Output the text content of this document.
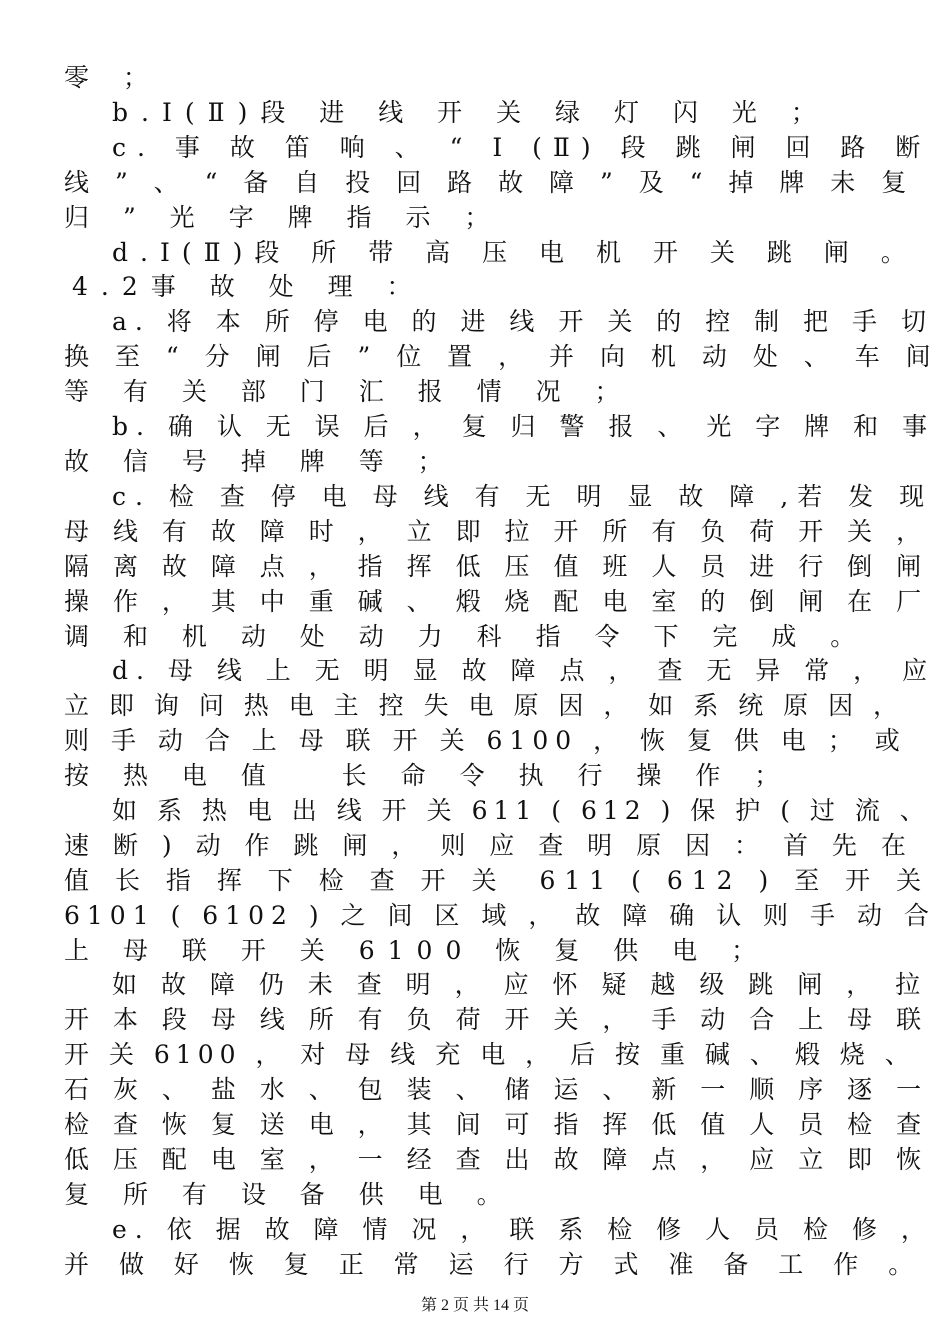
零 ；
b.Ⅰ(Ⅱ)段 进 线 开 关 绿 灯 闪 光 ；
c. 事 故 笛 响 、 “ Ⅰ (Ⅱ) 段 跳 闸 回 路 断
线 ” 、 “ 备 自 投 回 路 故 障 ” 及 “ 掉 牌 未 复
归 ” 光 字 牌 指 示 ；
d.Ⅰ(Ⅱ)段 所 带 高 压 电 机 开 关 跳 闸 。
4.2事 故 处 理 ：
a. 将 本 所 停 电 的 进 线 开 关 的 控 制 把 手 切
换 至 “ 分 闸 后 ” 位 置 ， 并 向 机 动 处 、 车 间
等 有 关 部 门 汇 报 情 况 ；
b. 确 认 无 误 后 ， 复 归 警 报 、 光 字 牌 和 事
故 信 号 掉 牌 等 ；
c. 检 查 停 电 母 线 有 无 明 显 故 障 ,若 发 现
母 线 有 故 障 时 ， 立 即 拉 开 所 有 负 荷 开 关 ，
隔 离 故 障 点 ， 指 挥 低 压 值 班 人 员 进 行 倒 闸
操 作 ， 其 中 重 碱 、 煅 烧 配 电 室 的 倒 闸 在 厂
调 和 机 动 处 动 力 科 指 令 下 完 成 。
d. 母 线 上 无 明 显 故 障 点 ， 查 无 异 常 ， 应
立 即 询 问 热 电 主 控 失 电 原 因 ， 如 系 统 原 因 ，
则 手 动 合 上 母 联 开 关 6100 ， 恢 复 供 电 ； 或
按 热 电 值   长 命 令 执 行 操 作 ；
如 系 热 电 出 线 开 关 611 ( 612 ) 保 护 ( 过 流 、
速 断 ) 动 作 跳 闸 ， 则 应 查 明 原 因 ： 首 先 在
值 长 指 挥 下 检 查 开 关  611 ( 612 ) 至 开 关
6101 ( 6102 ) 之 间 区 域 ， 故 障 确 认 则 手 动 合
上 母 联 开 关 6100 恢 复 供 电 ；
如 故 障 仍 未 查 明 ， 应 怀 疑 越 级 跳 闸 ， 拉
开 本 段 母 线 所 有 负 荷 开 关 ， 手 动 合 上 母 联
开 关 6100 ， 对 母 线 充 电 ， 后 按 重 碱 、 煅 烧 、
石 灰 、 盐 水 、 包 装 、 储 运 、 新 一 顺 序 逐 一
检 查 恢 复 送 电 ， 其 间 可 指 挥 低 值 人 员 检 查
低 压 配 电 室 ， 一 经 查 出 故 障 点 ， 应 立 即 恢
复 所 有 设 备 供 电 。
e. 依 据 故 障 情 况 ， 联 系 检 修 人 员 检 修 ，
并 做 好 恢 复 正 常 运 行 方 式 准 备 工 作 。
第 2 页 共 14 页
